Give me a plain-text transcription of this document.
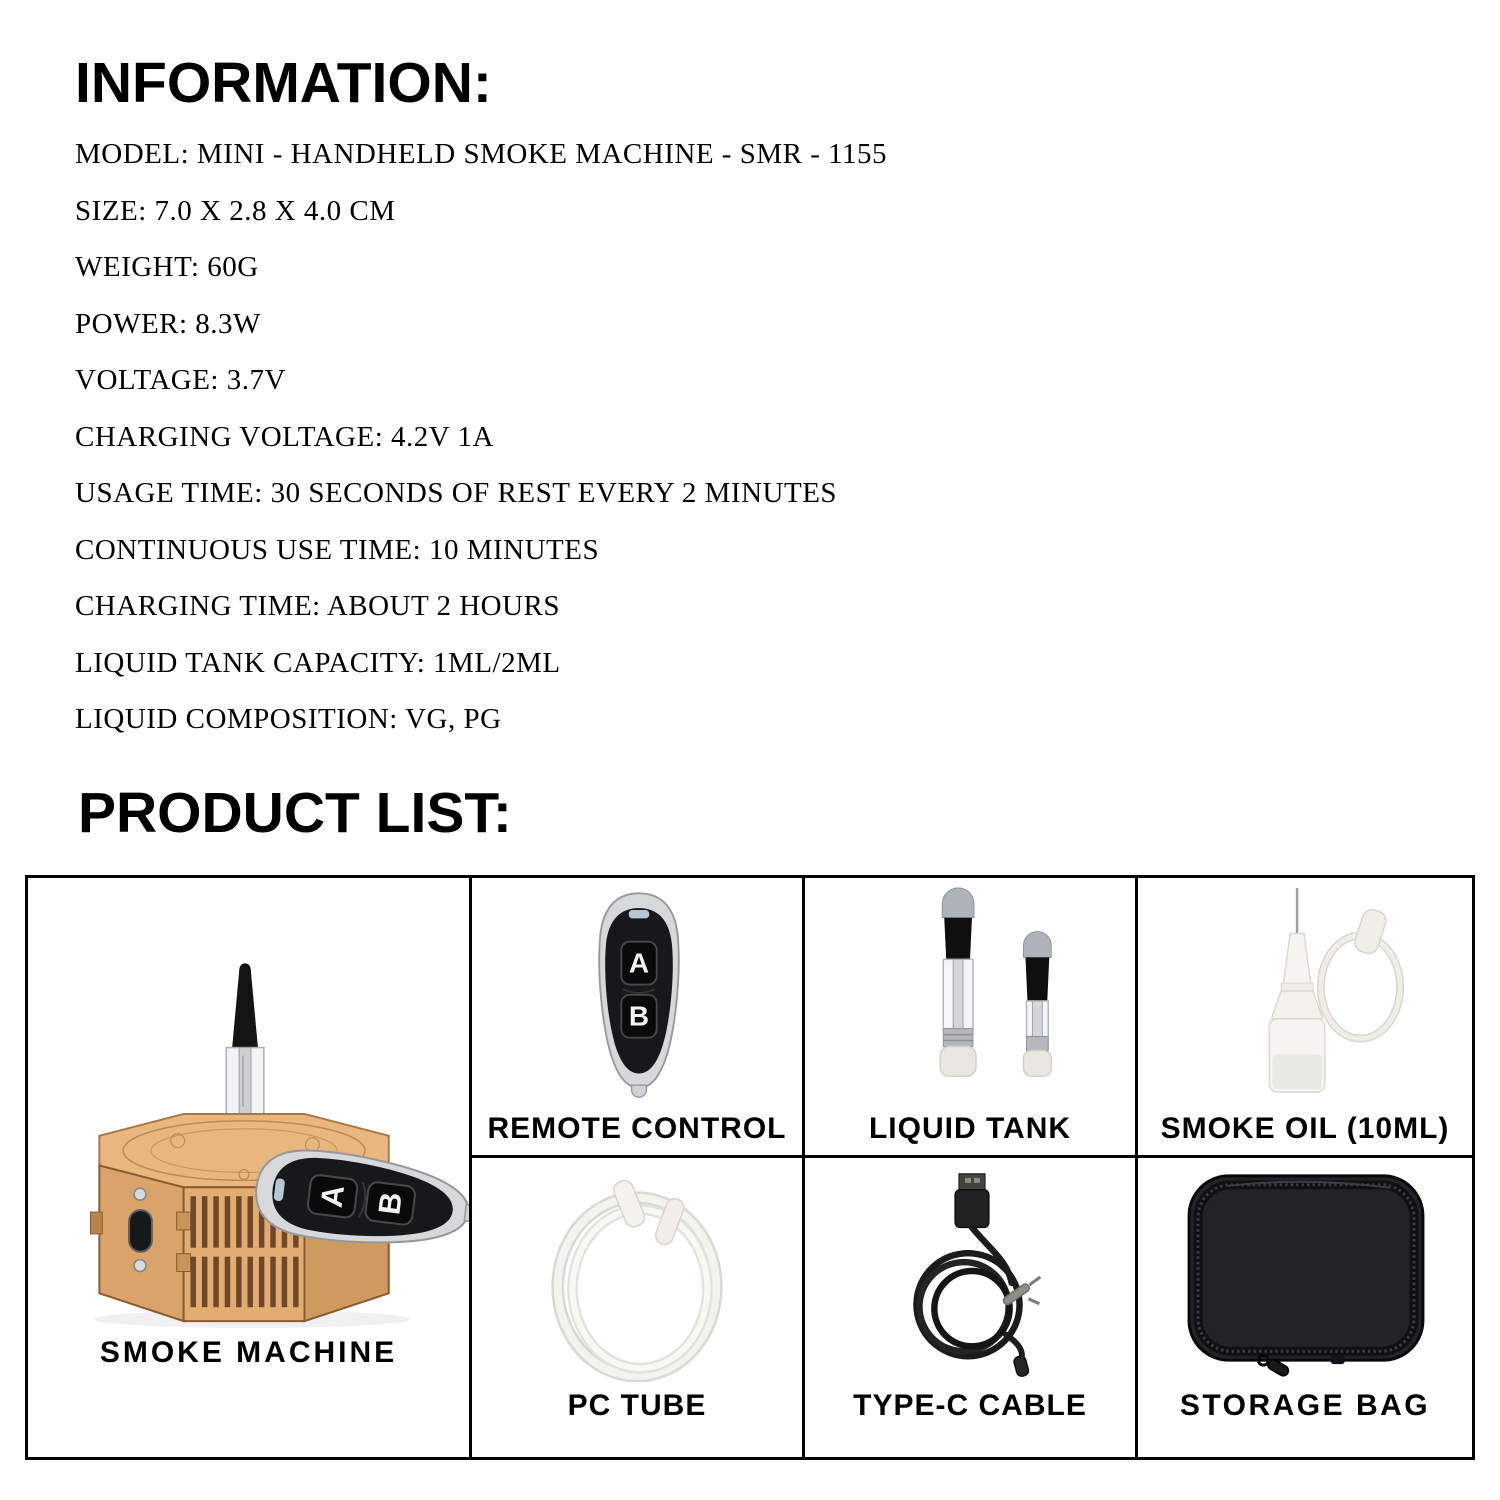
INFORMATION:
MODEL: MINI - HANDHELD SMOKE MACHINE - SMR - 1155
SIZE: 7.0 X 2.8 X 4.0 CM
WEIGHT: 60G
POWER: 8.3W
VOLTAGE: 3.7V
CHARGING VOLTAGE: 4.2V 1A
USAGE TIME: 30 SECONDS OF REST EVERY 2 MINUTES
CONTINUOUS USE TIME: 10 MINUTES
CHARGING TIME: ABOUT 2 HOURS
LIQUID TANK CAPACITY: 1ML/2ML
LIQUID COMPOSITION: VG, PG
PRODUCT LIST:
SMOKE MACHINE
A
B
REMOTE CONTROL	LIQUID TANK	SMOKE OIL (10ML)
PC TUBE	TYPE-C CABLE	STORAGE BAG
